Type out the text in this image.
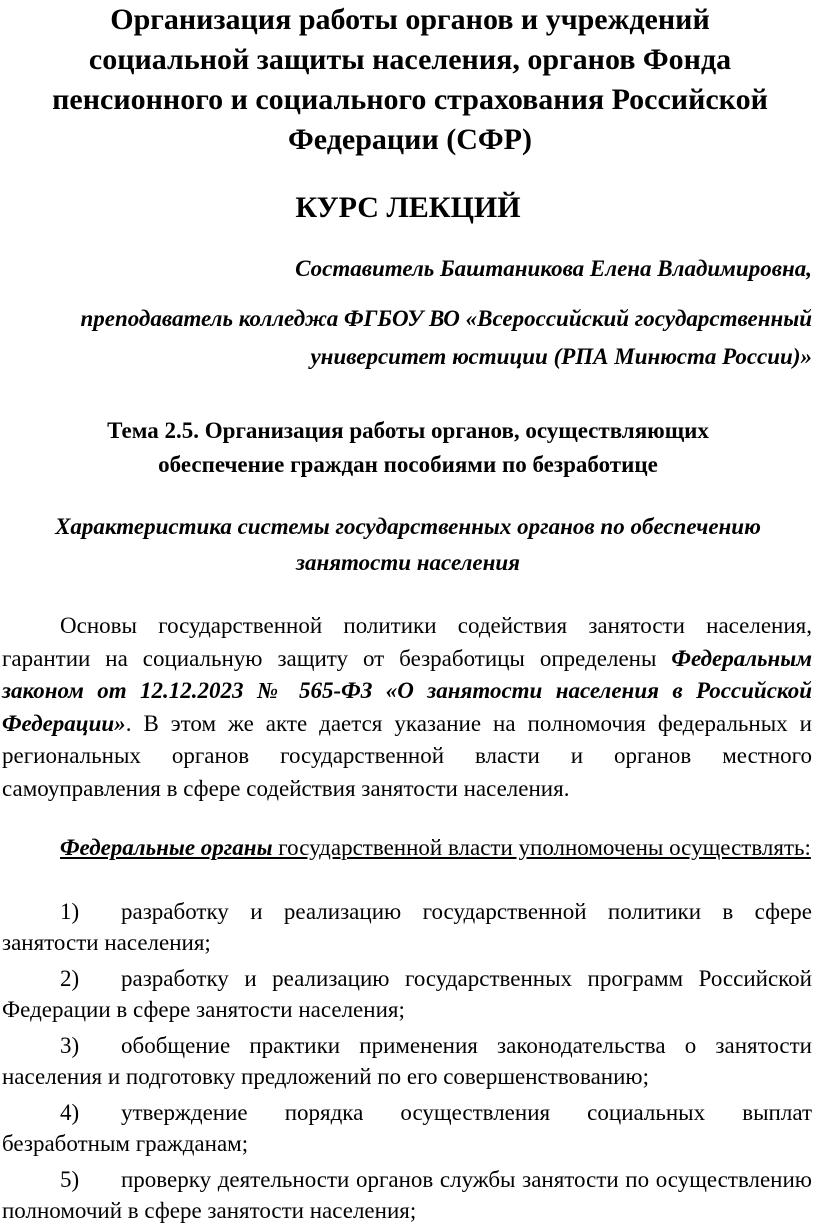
Организация работы органов и учреждений
социальной защиты населения, органов Фонда
пенсионного и социального страхования Российской
Федерации (СФР)
КУРС ЛЕКЦИЙ
Составитель Баштаникова Елена Владимировна,
преподаватель колледжа ФГБОУ ВО «Всероссийский государственный
университет юстиции (РПА Минюста России)»
Тема 2.5. Организация работы органов, осуществляющих
обеспечение граждан пособиями по безработице
Характеристика системы государственных органов по обеспечению
занятости населения
Основы государственной политики содействия занятости населения, гарантии на социальную защиту от безработицы определены Федеральным законом от 12.12.2023 № 565-ФЗ «О занятости населения в Российской Федерации». В этом же акте дается указание на полномочия федеральных и региональных органов государственной власти и органов местного самоуправления в сфере содействия занятости населения.
Федеральные органы государственной власти уполномочены осуществлять:
1) разработку и реализацию государственной политики в сфере занятости населения;
2) разработку и реализацию государственных программ Российской Федерации в сфере занятости населения;
3) обобщение практики применения законодательства о занятости населения и подготовку предложений по его совершенствованию;
4) утверждение порядка осуществления социальных выплат безработным гражданам;
5) проверку деятельности органов службы занятости по осуществлению полномочий в сфере занятости населения;
